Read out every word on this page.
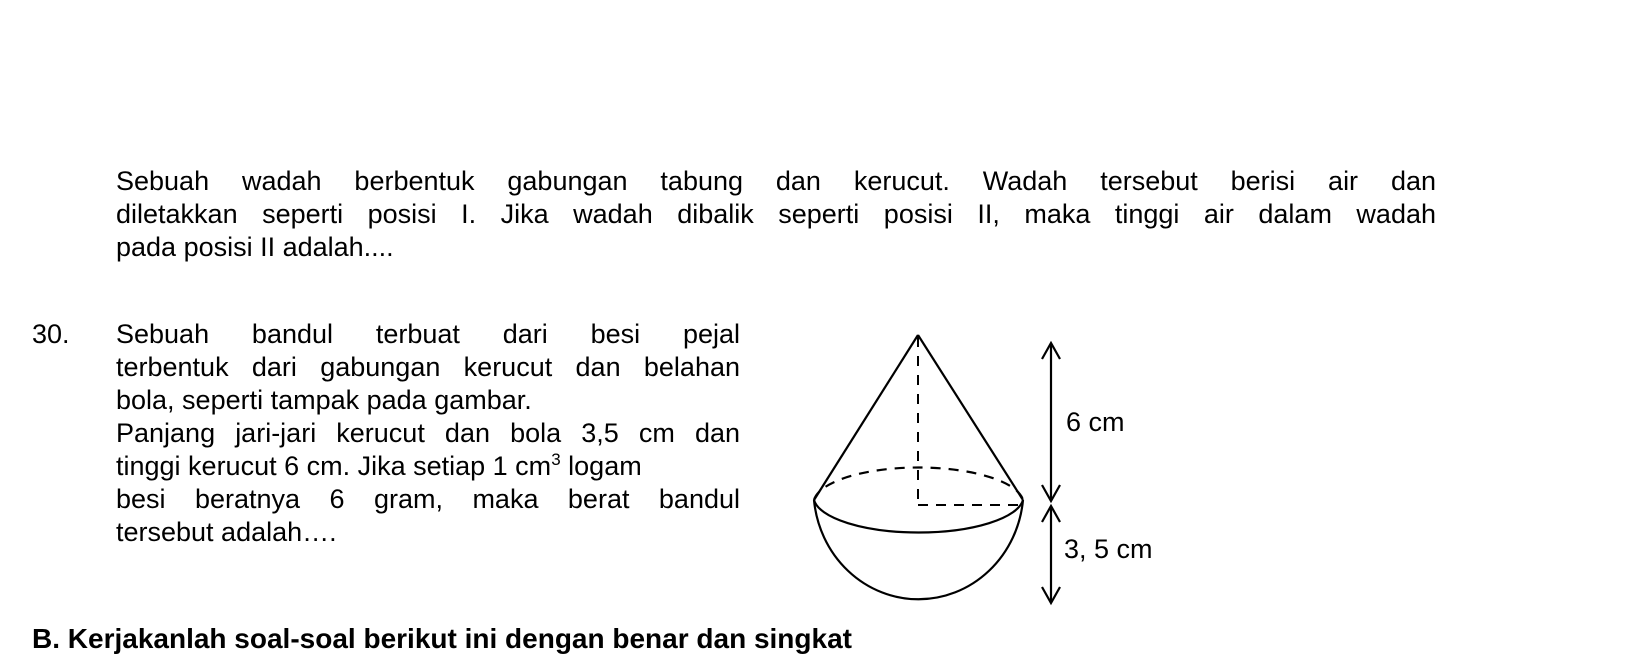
Sebuah wadah berbentuk gabungan tabung dan kerucut. Wadah tersebut berisi air dan
diletakkan seperti posisi I. Jika wadah dibalik seperti posisi II, maka tinggi air dalam wadah
pada posisi II adalah....
30. Sebuah bandul terbuat dari besi pejal
terbentuk dari gabungan kerucut dan belahan
bola, seperti tampak pada gambar.
Panjang jari-jari kerucut dan bola 3,5 cm dan
tinggi kerucut 6 cm. Jika setiap 1 $cm^3$ logam
besi beratnya 6 gram, maka berat bandul
tersebut adalah….
6 cm
3, 5 cm
B. Kerjakanlah soal-soal berikut ini dengan benar dan singkat
